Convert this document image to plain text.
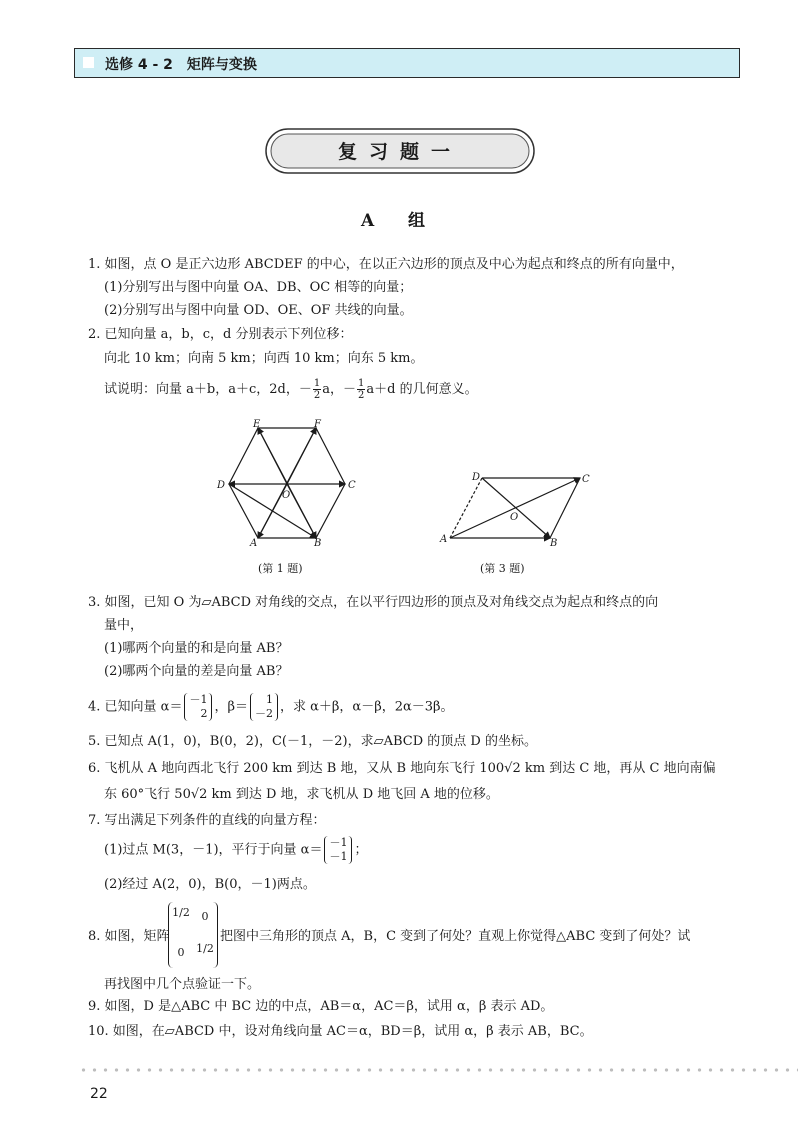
选修 4 - 2　矩阵与变换
复习题一
A 组
1. 如图，点 O 是正六边形 ABCDEF 的中心，在以正六边形的顶点及中心为起点和终点的所有向量中，
(1)分别写出与图中向量 OA、DB、OC 相等的向量；
(2)分别写出与图中向量 OD、OE、OF 共线的向量。
2. 已知向量 a，b，c，d 分别表示下列位移：
向北 10 km；向南 5 km；向西 10 km；向东 5 km。
试说明：向量 a＋b，a＋c，2d，－ $\frac{1}{2}$ a，－ $\frac{1}{2} a+d$ 的几何意义。
E	F
D	C
O
A	B
(第 1 题)
D	C
O
A	B
(第 3 题)
3. 如图，已知 O 为▱ABCD 对角线的交点，在以平行四边形的顶点及对角线交点为起点和终点的向
量中，
(1)哪两个向量的和是向量 AB？
(2)哪两个向量的差是向量 AB？
4. 已知向量 α＝ －1
2 ，β＝	1
－2 ，求 α＋β，α－β，2α－3β。
5. 已知点 A(1，0)，B(0，2)，C(－1，－2)，求▱ABCD 的顶点 D 的坐标。
6. 飞机从 A 地向西北飞行 200 km 到达 B 地，又从 B 地向东飞行 100√2 km 到达 C 地，再从 C 地向南偏
东 60°飞行 50√2 km 到达 D 地，求飞机从 D 地飞回 A 地的位移。
7. 写出满足下列条件的直线的向量方程：
(1)过点 M(3，－1)，平行于向量 α＝ －1
－1 ；
(2)经过 A(2，0)，B(0，－1)两点。
1/2	0
0	1/2
8. 如图，矩阵	把图中三角形的顶点 A，B，C 变到了何处？直观上你觉得△ABC 变到了何处？试
再找图中几个点验证一下。
9. 如图，D 是△ABC 中 BC 边的中点，AB＝α，AC＝β，试用 α，β 表示 AD。
10. 如图，在▱ABCD 中，设对角线向量 AC＝α，BD＝β，试用 α，β 表示 AB，BC。
22
